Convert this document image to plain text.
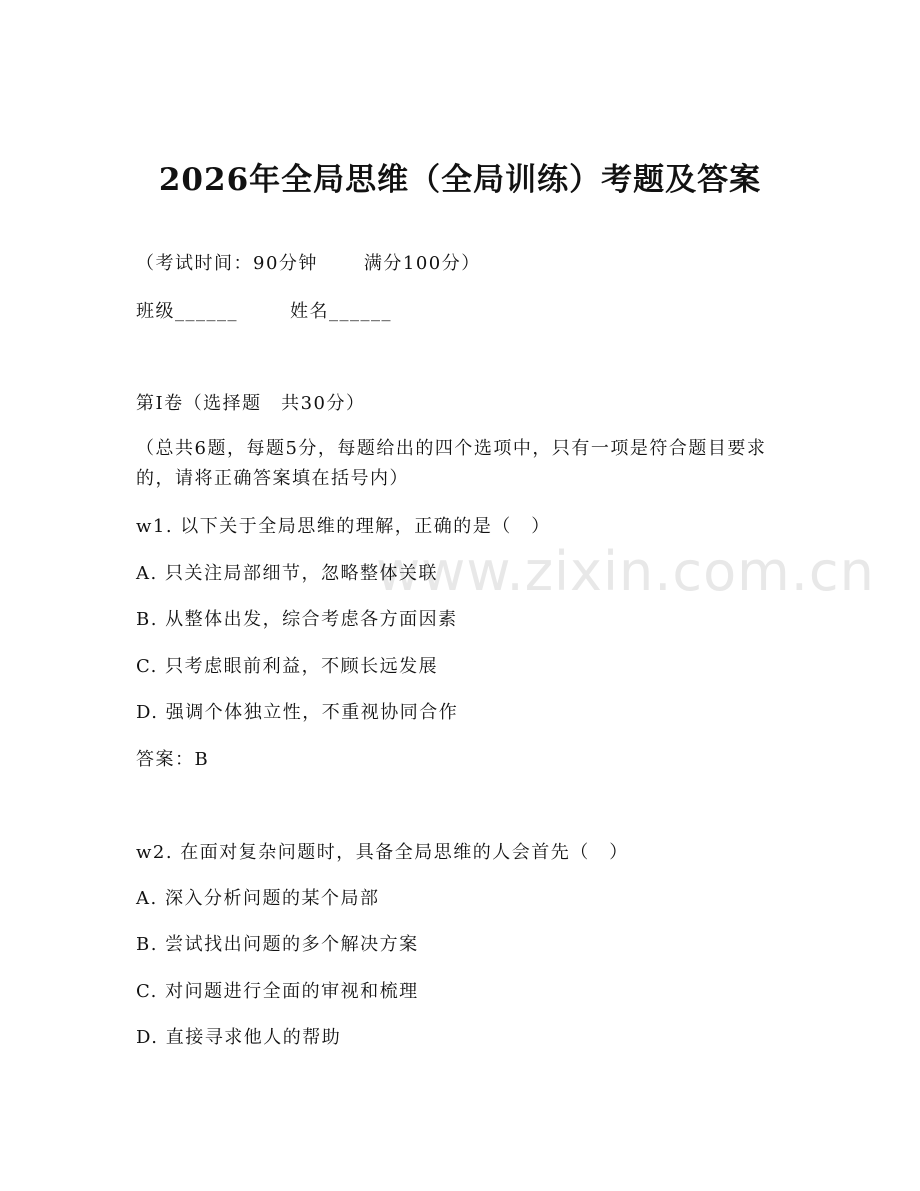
www.zixin.com.cn
2026年全局思维（全局训练）考题及答案
（考试时间：90分钟	满分100分）
班级______	姓名______
第I卷（选择题　共30分）
（总共6题，每题5分，每题给出的四个选项中，只有一项是符合题目要求的，请将正确答案填在括号内）
w1. 以下关于全局思维的理解，正确的是（　）
A. 只关注局部细节，忽略整体关联
B. 从整体出发，综合考虑各方面因素
C. 只考虑眼前利益，不顾长远发展
D. 强调个体独立性，不重视协同合作
答案：B
w2. 在面对复杂问题时，具备全局思维的人会首先（　）
A. 深入分析问题的某个局部
B. 尝试找出问题的多个解决方案
C. 对问题进行全面的审视和梳理
D. 直接寻求他人的帮助
